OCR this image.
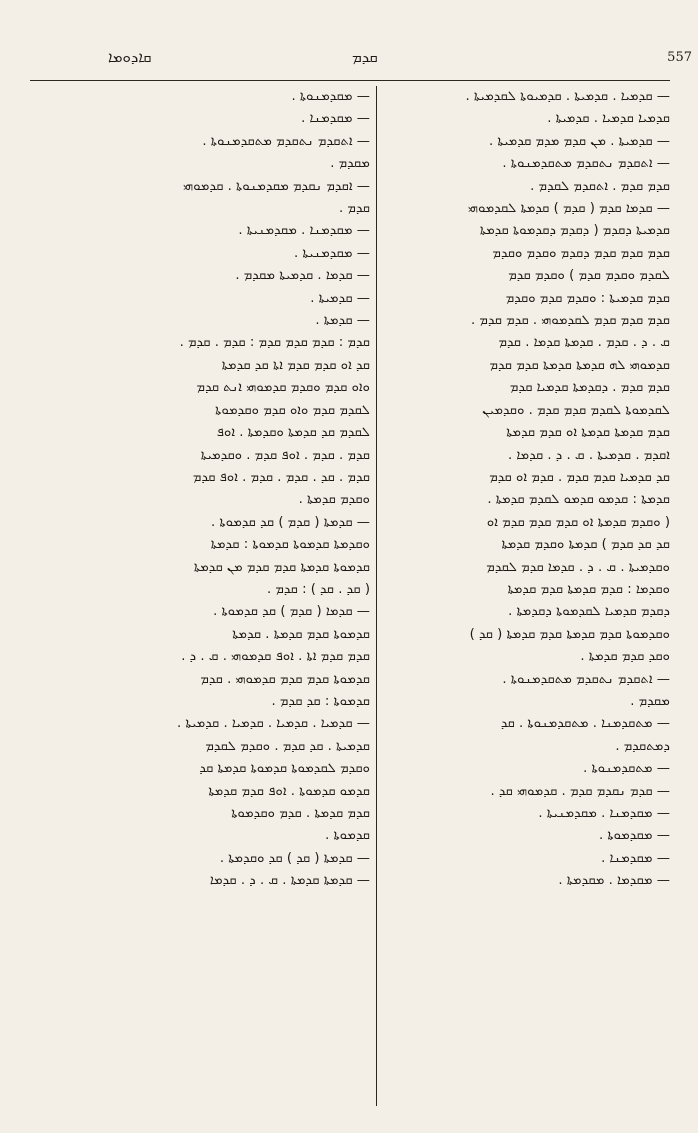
ܩܐܕܘܡܐ	ܩܕܡ	557

— ܩܕܡܝܐ . ܩܕܡܝܬܐ . ܩܕܡܝܘܬܐ ܠܩܕܡܝܬܐ .

ܩܕܡܝܐ ܩܕܡܝܐ . ܩܕܡܝܬܐ .

— ܩܕܡܝܬܐ . ܡܢ ܩܕܡ ܡܕܡ ܩܕܡܝܬܐ .

— ܐܬܩܕܡ ܢܬܩܕܡ ܡܬܩܕܡܢܘܬܐ .

ܩܕܡ ܩܕܡ . ܐܬܩܕܡ ܠܩܕܡ .

— ܩܕܡܐ ܩܕܡ ( ܩܕܡ ) ܩܕܡܬܐ ܠܩܕܡܘܗܝ

ܩܕܡܝܬܐ ܕܩܕܡ ( ܕܩܕܡ ܕܩܕܡܘܬܐ ܩܕܡܬܐ

ܩܕܡ ܩܕܡ ܩܕܡ ܕܩܕܡ ܘܩܕܡ ܘܩܕܡ

ܠܩܕܡ ܘܩܕܡ ܩܕܡ ) ܘܩܕܡ ܩܕܡ

ܩܕܡ ܩܕܡܝܬܐ : ܘܩܕܡ ܩܕܡ ܘܩܕܡ

ܩܕܡ ܩܕܡ ܩܕܡ ܠܩܕܡܘܗܝ . ܩܕܡ ܩܕܡ .

ܩ . ܕ . ܩܕܡ . ܩܕܡܬܐ ܩܕܡܐ . ܩܕܡ

ܩܕܡܘܗܝ ܠܗ ܩܕܡܬܐ ܩܕܡܬܐ ܩܕܡ ܩܕܡ

ܩܕܡ ܩܕܡ . ܕܩܕܡܬܐ ܩܕܡܝܐ ܩܕܡ

ܠܩܕܡܘܬܐ ܠܩܕܡ ܩܕܡ ܩܕܡ . ܘܩܕܡܝܢ

ܩܕܡ ܩܕܡܬܐ ܩܕܡܬܐ ܐܘ ܩܕܡ ܩܕܡܬܐ

ܐܩܕܡ . ܩܕܡܝܬܐ . ܩ . ܕ . ܩܕܡܐ .

ܩܕ ܩܕܡܝܐ ܩܕܡ ܩܕܡ . ܩܕܡ ܐܘ ܩܕܡ

ܩܕܡܬܐ : ܩܕܡܘ ܩܕܡܘ ܠܩܕܡ ܩܕܡܬܐ .

( ܘܩܕܡ ܩܕܡܬܐ ܐܘ ܩܕܡ ܩܕܡ ܩܕܡ ܐܘ

ܩܕ ܩܕ ܩܕܡ ) ܩܕܡܬܐ ܘܩܕܡ ܩܕܡܬܐ

ܘܩܕܡܝܬܐ . ܩ . ܕ . ܩܕܡܐ ܩܕܡ ܠܩܕܡ

ܘܩܕܡܐ : ܩܕܡ ܩܕܡܬܐ ܩܕܡ ܩܕܡܬܐ

ܕܩܕܡ ܩܕܡܝܐ ܠܩܕܡܘܬܐ ܕܩܕܡܬܐ .

ܘܩܕܡܘܬܐ ܩܕܡ ܩܕܡܬܐ ܩܕܡ ܩܕܡܬܐ ( ܩܕ )

ܘܩܕ ܩܕܡ ܩܕܡܬܐ .

— ܐܬܩܕܡ ܢܬܩܕܡ ܡܬܩܕܡܢܘܬܐ .

ܡܩܕܡ .

— ܡܬܩܕܡܢܐ . ܡܬܩܕܡܢܘܬܐ . ܩܕ

ܕܡܬܩܕܡ .

— ܡܬܩܕܡܢܘܬܐ .

— ܩܕܡ ܢܩܕܡ ܩܕܡ . ܩܕܡܘܗܝ ܩܕ .

— ܡܩܕܡܢܐ . ܡܩܕܡܢܝܬܐ .

— ܡܩܕܡܘܬܐ .

— ܡܩܕܡܢܐ .

— ܡܩܕܡܐ . ܡܩܕܡܬܐ .

— ܡܩܕܡܢܘܬܐ .

— ܡܩܕܡܢܐ .

— ܐܬܩܕܡ ܢܬܩܕܡ ܡܬܩܕܡܢܘܬܐ .

ܡܩܕܡ .

— ܐܩܕܡ ܢܩܕܡ ܡܩܕܡܢܘܬܐ . ܩܕܡܘܗܝ

ܩܕܡ .

— ܡܩܕܡܢܐ . ܡܩܕܡܢܝܬܐ .

— ܡܩܕܡܢܝܬܐ .

— ܩܕܡܐ . ܩܕܡܝܬܐ ܡܩܕܡ .

— ܩܕܡܝܬܐ .

— ܩܕܡܬܐ .

ܩܕܡ : ܩܕܡ ܩܕܡ ܩܕܡ : ܩܕܡ . ܩܕܡ .

ܩܕ ܐܘ ܩܕܡ ܩܕܡ ܐܬܐ ܩܕ ܩܕܡܬܐ

ܘܐܘ ܩܕܡ ܘܩܕܡ ܩܕܡܘܗܝ ܐܢܬ ܩܕܡ

ܠܩܕܡ ܩܕܡ ܘܐܘ ܩܕܡ ܘܩܕܡܘܬܐ

ܠܩܕܡ ܩܕ ܩܕܡܬܐ ܘܩܕܡܬܐ . ܐܘܦ

ܩܕܡ . ܩܕܡ . ܐܘܦ ܩܕܡ . ܘܩܕܡܝܬܐ

ܩܕܡ . ܩܕ . ܩܕܡ . ܩܕܡ . ܐܘܦ ܩܕܡ

ܘܩܕܡ ܩܕܡܬܐ .

— ܩܕܡܬܐ ( ܩܕܡ ) ܩܕ ܩܕܡܘܬܐ .

ܘܩܕܡܬܐ ܩܕܡܘܬܐ ܩܕܡܘܬܐ : ܩܕܡܬܐ

ܩܕܡܘܬܐ ܩܕܡܬܐ ܩܕܡ ܩܕܡ ܡܢ ܩܕܡܬܐ

( ܩܕ . ܩܕ ) : ܩܕܡ .

— ܩܕܡܐ ( ܩܕܡ ) ܩܕ ܩܕܡܘܬܐ .

ܩܕܡܘܬܐ ܩܕܡ ܩܕܡܬܐ . ܩܕܡܬܐ

ܩܕܡ ܩܕܡ ܐܬܐ . ܐܘܦ ܩܕܡܘܗܝ . ܩ . ܕ .

ܩܕܡܘܬܐ ܩܕܡ ܩܕܡ ܩܕܡܘܗܝ . ܩܕܡ

ܩܕܡܘܬܐ : ܩܕ ܩܕܡ .

— ܩܕܡܝܐ . ܩܕܡܝܐ . ܩܕܡܝܐ . ܩܕܡܝܬܐ .

ܩܕܡܝܬܐ . ܩܕ ܩܕܡ . ܘܩܕܡ ܠܩܕܡ

ܘܩܕܡ ܠܩܕܡܘܬܐ ܩܕܡܘܬܐ ܩܕܡܬܐ ܩܕ

ܩܕܡܘ ܩܕܡܘܬܐ . ܐܘܦ ܩܕܡ ܩܕܡܬܐ

ܩܕܡ ܩܕܡܬܐ . ܩܕܡ ܘܩܕܡܘܬܐ

ܩܕܡܘܬܐ .

— ܩܕܡܬܐ ( ܩܕ ) ܩܕ ܘܩܕܡܬܐ .

— ܩܕܡܬܐ ܩܕܡܬܐ . ܩ . ܕ . ܩܕܡܐ
